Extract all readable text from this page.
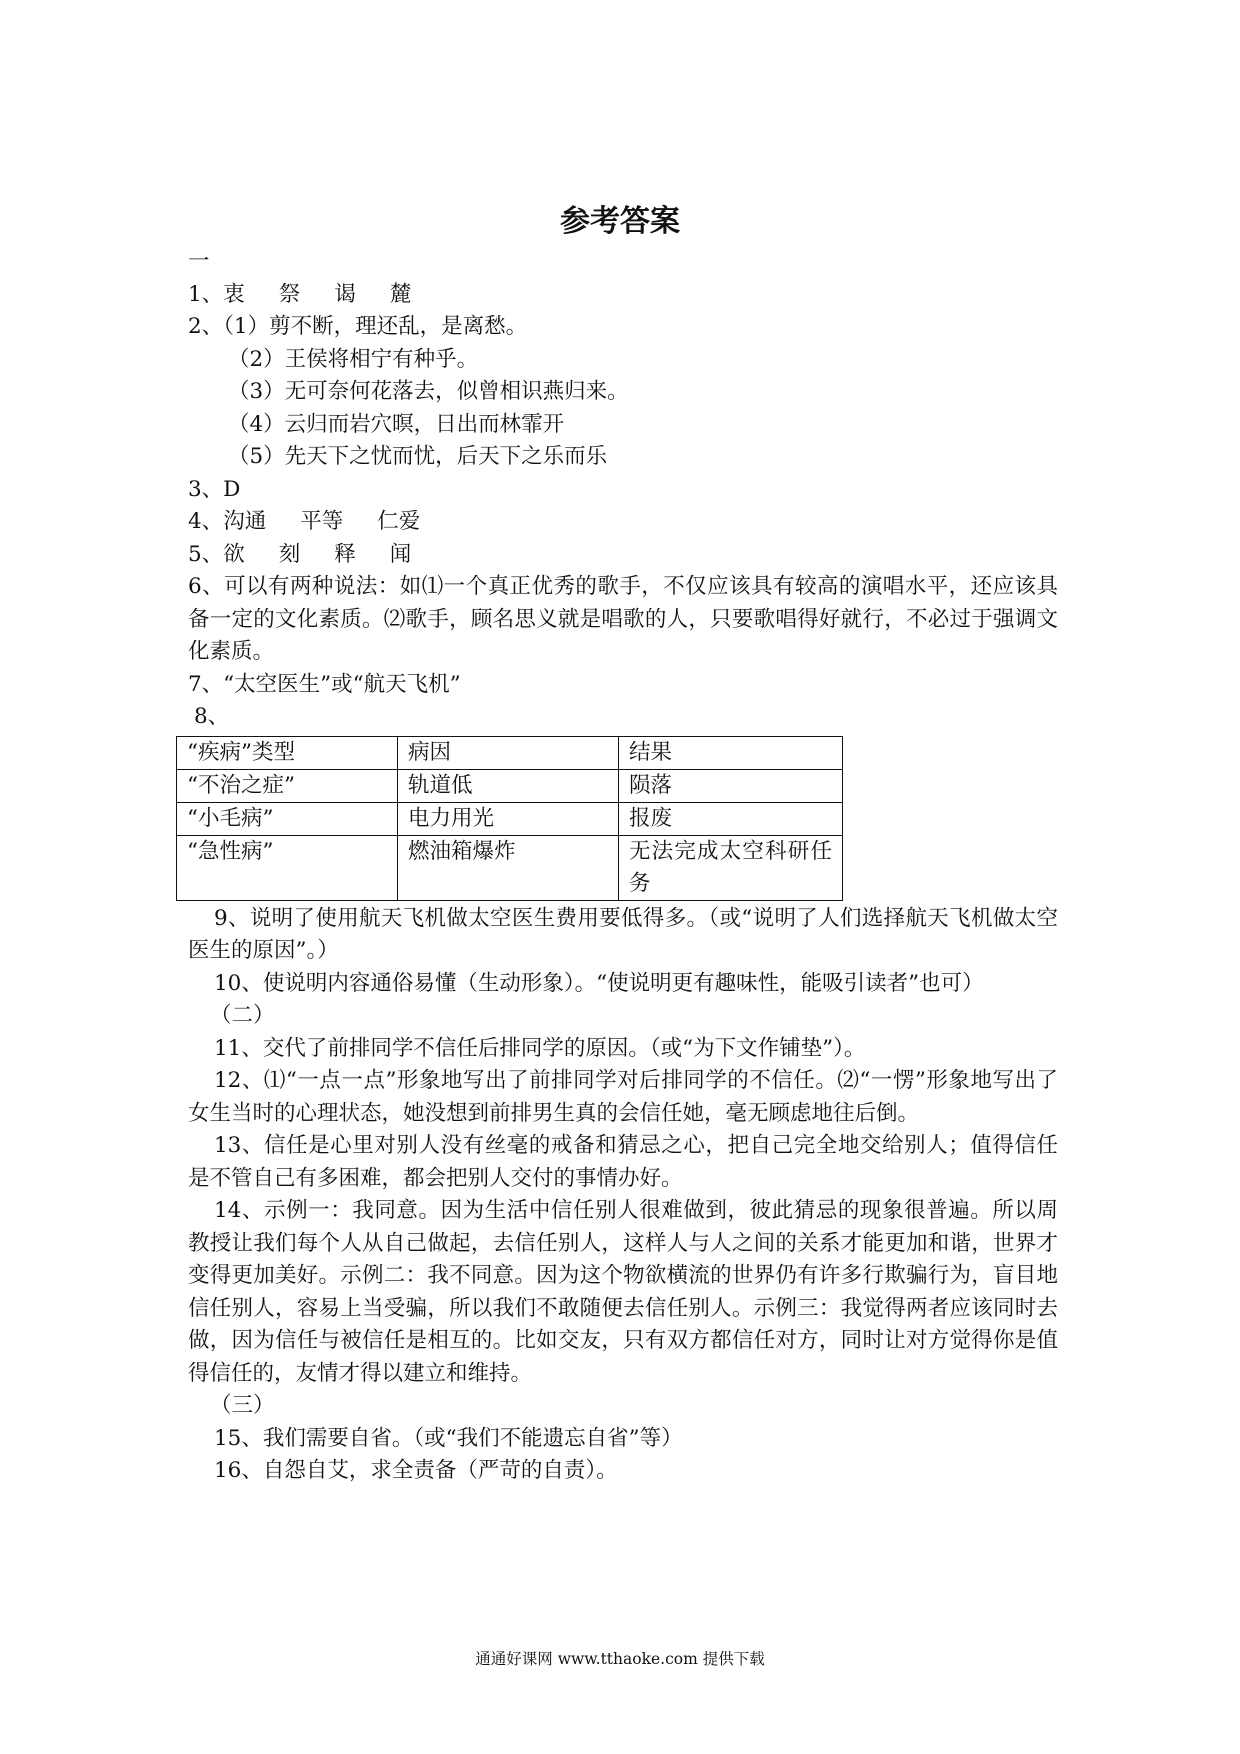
参考答案
一
1、衷 祭 谒 麓
2、（1）剪不断，理还乱，是离愁。
（2）王侯将相宁有种乎。
（3）无可奈何花落去，似曾相识燕归来。
（4）云归而岩穴暝，日出而林霏开
（5）先天下之忧而忧，后天下之乐而乐
3、D
4、沟通 平等 仁爱
5、欲 刻 释 闻

6、可以有两种说法：如⑴一个真正优秀的歌手，不仅应该具有较高的演唱水平，还应该具备一定的文化素质。⑵歌手，顾名思义就是唱歌的人，只要歌唱得好就行，不必过于强调文化素质。

7、“太空医生”或“航天飞机”
8、
“疾病”类型	病因	结果
“不治之症”	轨道低	陨落
“小毛病”	电力用光	报废
“急性病”	燃油箱爆炸	无法完成太空科研任务

9、说明了使用航天飞机做太空医生费用要低得多。（或“说明了人们选择航天飞机做太空医生的原因”。）

10、使说明内容通俗易懂（生动形象）。“使说明更有趣味性，能吸引读者”也可）

（二）

11、交代了前排同学不信任后排同学的原因。（或“为下文作铺垫”）。

12、⑴“一点一点”形象地写出了前排同学对后排同学的不信任。⑵“一愣”形象地写出了女生当时的心理状态，她没想到前排男生真的会信任她，毫无顾虑地往后倒。

13、信任是心里对别人没有丝毫的戒备和猜忌之心，把自己完全地交给别人；值得信任是不管自己有多困难，都会把别人交付的事情办好。

14、示例一：我同意。因为生活中信任别人很难做到，彼此猜忌的现象很普遍。所以周教授让我们每个人从自己做起，去信任别人，这样人与人之间的关系才能更加和谐，世界才变得更加美好。示例二：我不同意。因为这个物欲横流的世界仍有许多行欺骗行为，盲目地信任别人，容易上当受骗，所以我们不敢随便去信任别人。示例三：我觉得两者应该同时去做，因为信任与被信任是相互的。比如交友，只有双方都信任对方，同时让对方觉得你是值得信任的，友情才得以建立和维持。

（三）

15、我们需要自省。（或“我们不能遗忘自省”等）

16、自怨自艾，求全责备（严苛的自责）。

通通好课网 www.tthaoke.com 提供下载
